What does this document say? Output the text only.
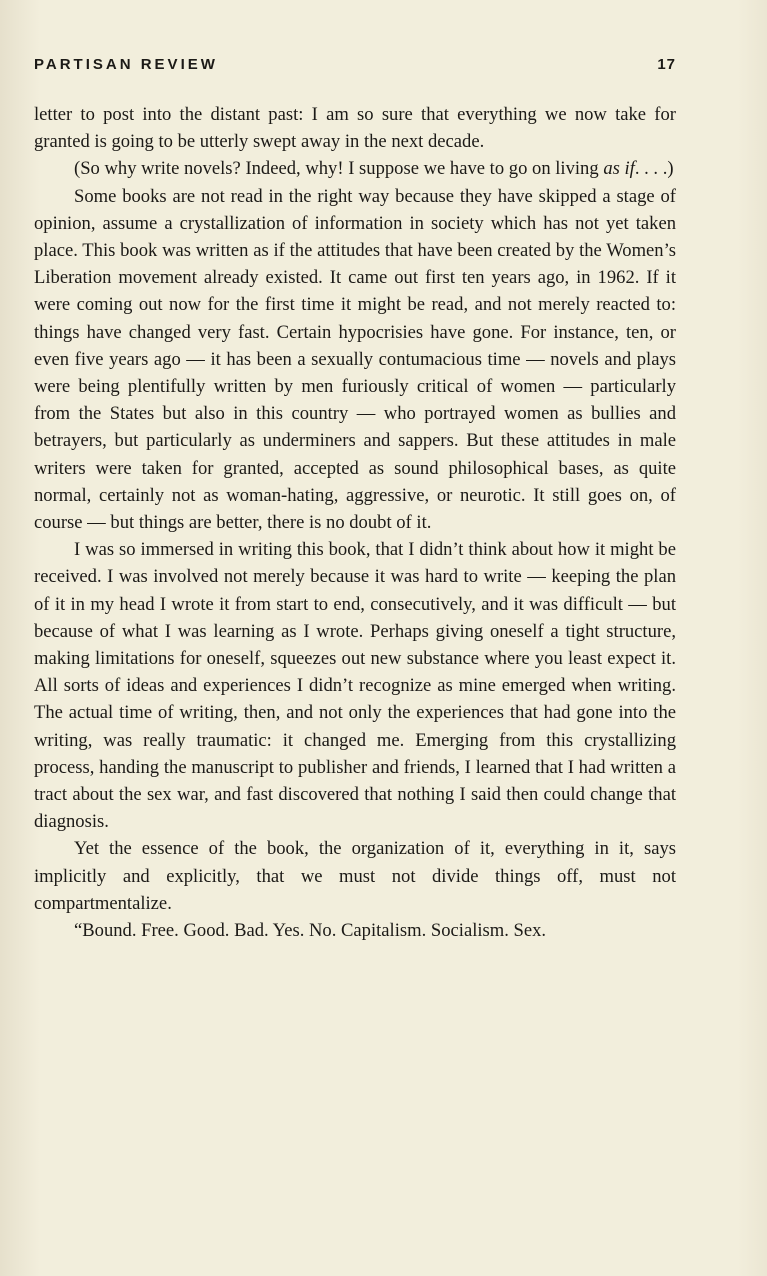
PARTISAN REVIEW	17

letter to post into the distant past: I am so sure that everything we now take for granted is going to be utterly swept away in the next decade.

(So why write novels? Indeed, why! I suppose we have to go on living as if. . . .)

Some books are not read in the right way because they have skipped a stage of opinion, assume a crystallization of information in society which has not yet taken place. This book was written as if the attitudes that have been created by the Women’s Liberation movement already existed. It came out first ten years ago, in 1962. If it were coming out now for the first time it might be read, and not merely reacted to: things have changed very fast. Certain hypocrisies have gone. For instance, ten, or even five years ago — it has been a sexually contumacious time — novels and plays were being plentifully written by men furiously critical of women — particularly from the States but also in this country — who portrayed women as bullies and betrayers, but particularly as underminers and sappers. But these attitudes in male writers were taken for granted, accepted as sound philosophical bases, as quite normal, certainly not as woman-hating, aggressive, or neurotic. It still goes on, of course — but things are better, there is no doubt of it.

I was so immersed in writing this book, that I didn’t think about how it might be received. I was involved not merely because it was hard to write — keeping the plan of it in my head I wrote it from start to end, consecutively, and it was difficult — but because of what I was learning as I wrote. Perhaps giving oneself a tight structure, making limitations for oneself, squeezes out new substance where you least expect it. All sorts of ideas and experiences I didn’t recognize as mine emerged when writing. The actual time of writing, then, and not only the experiences that had gone into the writing, was really traumatic: it changed me. Emerging from this crystallizing process, handing the manuscript to publisher and friends, I learned that I had written a tract about the sex war, and fast discovered that nothing I said then could change that diagnosis.

Yet the essence of the book, the organization of it, everything in it, says implicitly and explicitly, that we must not divide things off, must not compartmentalize.

“Bound. Free. Good. Bad. Yes. No. Capitalism. Socialism. Sex.
